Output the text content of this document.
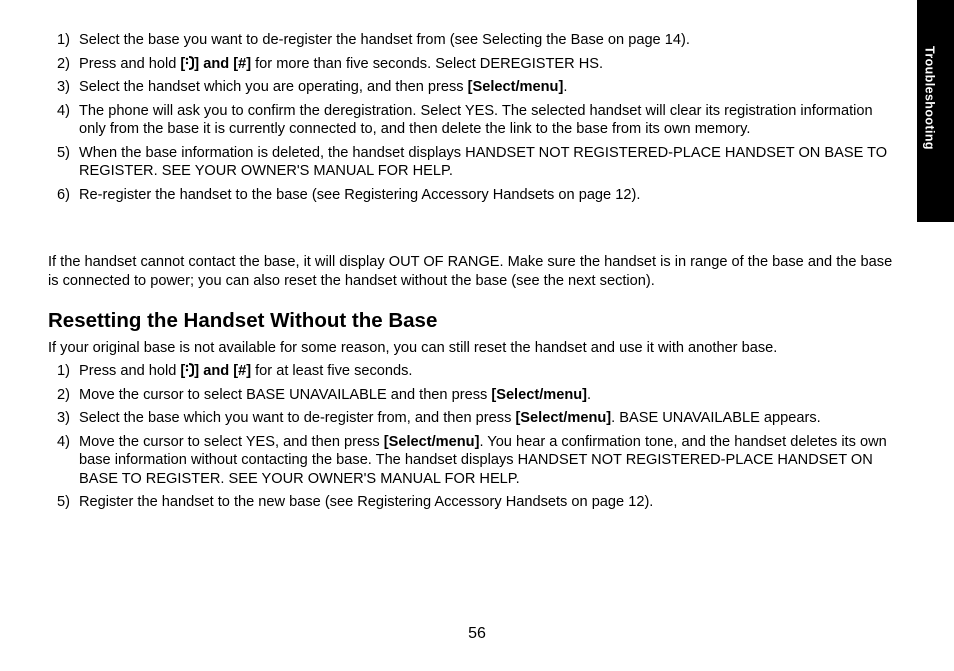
Troubleshooting
1) Select the base you want to de-register the handset from (see Selecting the Base on page 14).
2) Press and hold [ ] and [#] for more than five seconds. Select DEREGISTER HS.
3) Select the handset which you are operating, and then press [Select/menu].
4) The phone will ask you to confirm the deregistration. Select YES. The selected handset will clear its registration information only from the base it is currently connected to, and then delete the link to the base from its own memory.
5) When the base information is deleted, the handset displays HANDSET NOT REGISTERED-PLACE HANDSET ON BASE TO REGISTER. SEE YOUR OWNER'S MANUAL FOR HELP.
6) Re-register the handset to the base (see Registering Accessory Handsets on page 12).

If the handset cannot contact the base, it will display OUT OF RANGE. Make sure the handset is in range of the base and the base is connected to power; you can also reset the handset without the base (see the next section).

Resetting the Handset Without the Base

If your original base is not available for some reason, you can still reset the handset and use it with another base.

1) Press and hold [ ] and [#] for at least five seconds.
2) Move the cursor to select BASE UNAVAILABLE and then press [Select/menu].
3) Select the base which you want to de-register from, and then press [Select/menu]. BASE UNAVAILABLE appears.
4) Move the cursor to select YES, and then press [Select/menu]. You hear a confirmation tone, and the handset deletes its own base information without contacting the base. The handset displays HANDSET NOT REGISTERED-PLACE HANDSET ON BASE TO REGISTER. SEE YOUR OWNER'S MANUAL FOR HELP.
5) Register the handset to the new base (see Registering Accessory Handsets on page 12).
56
